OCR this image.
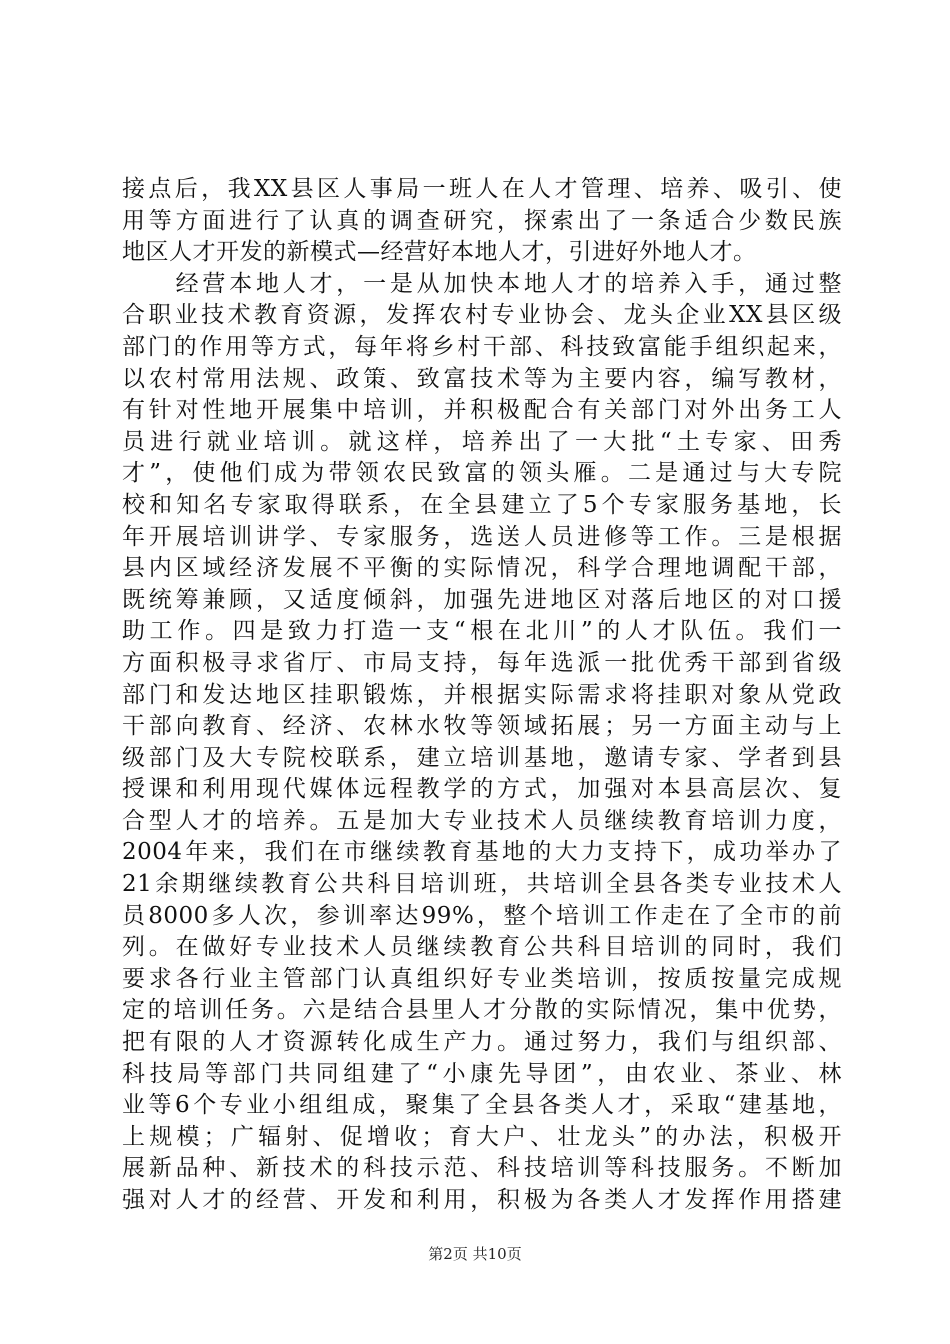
接点后，我XX县区人事局一班人在人才管理、培养、吸引、使
用等方面进行了认真的调查研究，探索出了一条适合少数民族
地区人才开发的新模式—经营好本地人才，引进好外地人才。
　　经营本地人才，一是从加快本地人才的培养入手，通过整
合职业技术教育资源，发挥农村专业协会、龙头企业XX县区级
部门的作用等方式，每年将乡村干部、科技致富能手组织起来，
以农村常用法规、政策、致富技术等为主要内容，编写教材，
有针对性地开展集中培训，并积极配合有关部门对外出务工人
员进行就业培训。就这样，培养出了一大批“土专家、田秀
才”，使他们成为带领农民致富的领头雁。二是通过与大专院
校和知名专家取得联系，在全县建立了5个专家服务基地，长
年开展培训讲学、专家服务，选送人员进修等工作。三是根据
县内区域经济发展不平衡的实际情况，科学合理地调配干部，
既统筹兼顾，又适度倾斜，加强先进地区对落后地区的对口援
助工作。四是致力打造一支“根在北川”的人才队伍。我们一
方面积极寻求省厅、市局支持，每年选派一批优秀干部到省级
部门和发达地区挂职锻炼，并根据实际需求将挂职对象从党政
干部向教育、经济、农林水牧等领域拓展；另一方面主动与上
级部门及大专院校联系，建立培训基地，邀请专家、学者到县
授课和利用现代媒体远程教学的方式，加强对本县高层次、复
合型人才的培养。五是加大专业技术人员继续教育培训力度，
2004年来，我们在市继续教育基地的大力支持下，成功举办了
21余期继续教育公共科目培训班，共培训全县各类专业技术人
员8000多人次，参训率达99%，整个培训工作走在了全市的前
列。在做好专业技术人员继续教育公共科目培训的同时，我们
要求各行业主管部门认真组织好专业类培训，按质按量完成规
定的培训任务。六是结合县里人才分散的实际情况，集中优势，
把有限的人才资源转化成生产力。通过努力，我们与组织部、
科技局等部门共同组建了“小康先导团”，由农业、茶业、林
业等6个专业小组组成，聚集了全县各类人才，采取“建基地，
上规模；广辐射、促增收；育大户、壮龙头”的办法，积极开
展新品种、新技术的科技示范、科技培训等科技服务。不断加
强对人才的经营、开发和利用，积极为各类人才发挥作用搭建
第2页 共10页
